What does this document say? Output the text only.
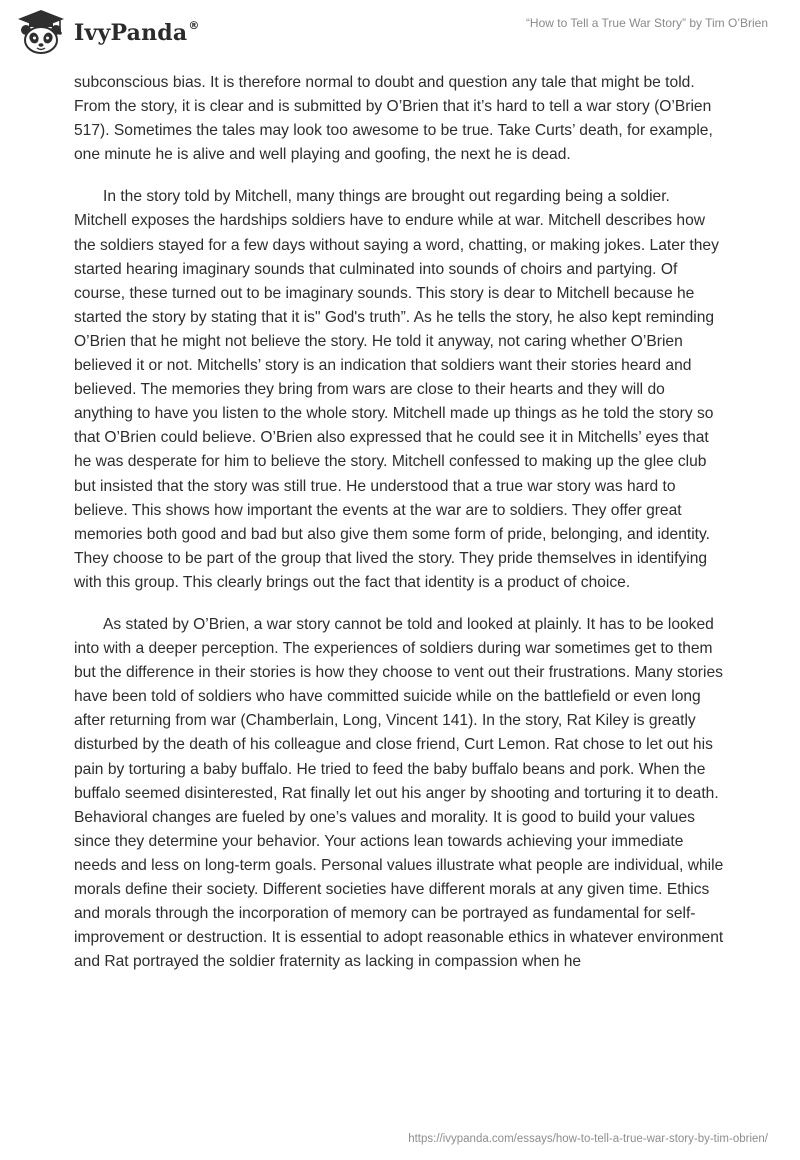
IvyPanda®	“How to Tell a True War Story” by Tim O’Brien

subconscious bias. It is therefore normal to doubt and question any tale that might be told. From the story, it is clear and is submitted by O’Brien that it’s hard to tell a war story (O’Brien 517). Sometimes the tales may look too awesome to be true. Take Curts’ death, for example, one minute he is alive and well playing and goofing, the next he is dead.

In the story told by Mitchell, many things are brought out regarding being a soldier. Mitchell exposes the hardships soldiers have to endure while at war. Mitchell describes how the soldiers stayed for a few days without saying a word, chatting, or making jokes. Later they started hearing imaginary sounds that culminated into sounds of choirs and partying. Of course, these turned out to be imaginary sounds. This story is dear to Mitchell because he started the story by stating that it is" God's truth”. As he tells the story, he also kept reminding O’Brien that he might not believe the story. He told it anyway, not caring whether O’Brien believed it or not. Mitchells’ story is an indication that soldiers want their stories heard and believed. The memories they bring from wars are close to their hearts and they will do anything to have you listen to the whole story. Mitchell made up things as he told the story so that O’Brien could believe. O’Brien also expressed that he could see it in Mitchells’ eyes that he was desperate for him to believe the story. Mitchell confessed to making up the glee club but insisted that the story was still true. He understood that a true war story was hard to believe. This shows how important the events at the war are to soldiers. They offer great memories both good and bad but also give them some form of pride, belonging, and identity. They choose to be part of the group that lived the story. They pride themselves in identifying with this group. This clearly brings out the fact that identity is a product of choice.

As stated by O’Brien, a war story cannot be told and looked at plainly. It has to be looked into with a deeper perception. The experiences of soldiers during war sometimes get to them but the difference in their stories is how they choose to vent out their frustrations. Many stories have been told of soldiers who have committed suicide while on the battlefield or even long after returning from war (Chamberlain, Long, Vincent 141). In the story, Rat Kiley is greatly disturbed by the death of his colleague and close friend, Curt Lemon. Rat chose to let out his pain by torturing a baby buffalo. He tried to feed the baby buffalo beans and pork. When the buffalo seemed disinterested, Rat finally let out his anger by shooting and torturing it to death. Behavioral changes are fueled by one’s values and morality. It is good to build your values since they determine your behavior. Your actions lean towards achieving your immediate needs and less on long-term goals. Personal values illustrate what people are individual, while morals define their society. Different societies have different morals at any given time. Ethics and morals through the incorporation of memory can be portrayed as fundamental for self-improvement or destruction. It is essential to adopt reasonable ethics in whatever environment and Rat portrayed the soldier fraternity as lacking in compassion when he

https://ivypanda.com/essays/how-to-tell-a-true-war-story-by-tim-obrien/
